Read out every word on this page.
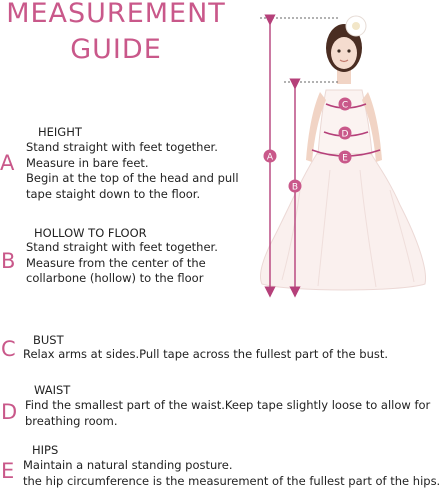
MEASUREMENT
GUIDE
HEIGHT
A
Stand straight with feet together.
Measure in bare feet.
Begin at the top of the head and pull
tape staight down to the floor.
HOLLOW TO FLOOR
B
Stand straight with feet together.
Measure from the center of the
collarbone (hollow) to the floor
BUST
C Relax arms at sides.Pull tape across the fullest part of the bust.
WAIST
D Find the smallest part of the waist.Keep tape slightly loose to allow for
breathing room.
HIPS
E Maintain a natural standing posture.
the hip circumference is the measurement of the fullest part of the hips.
A
B
C
D
E
